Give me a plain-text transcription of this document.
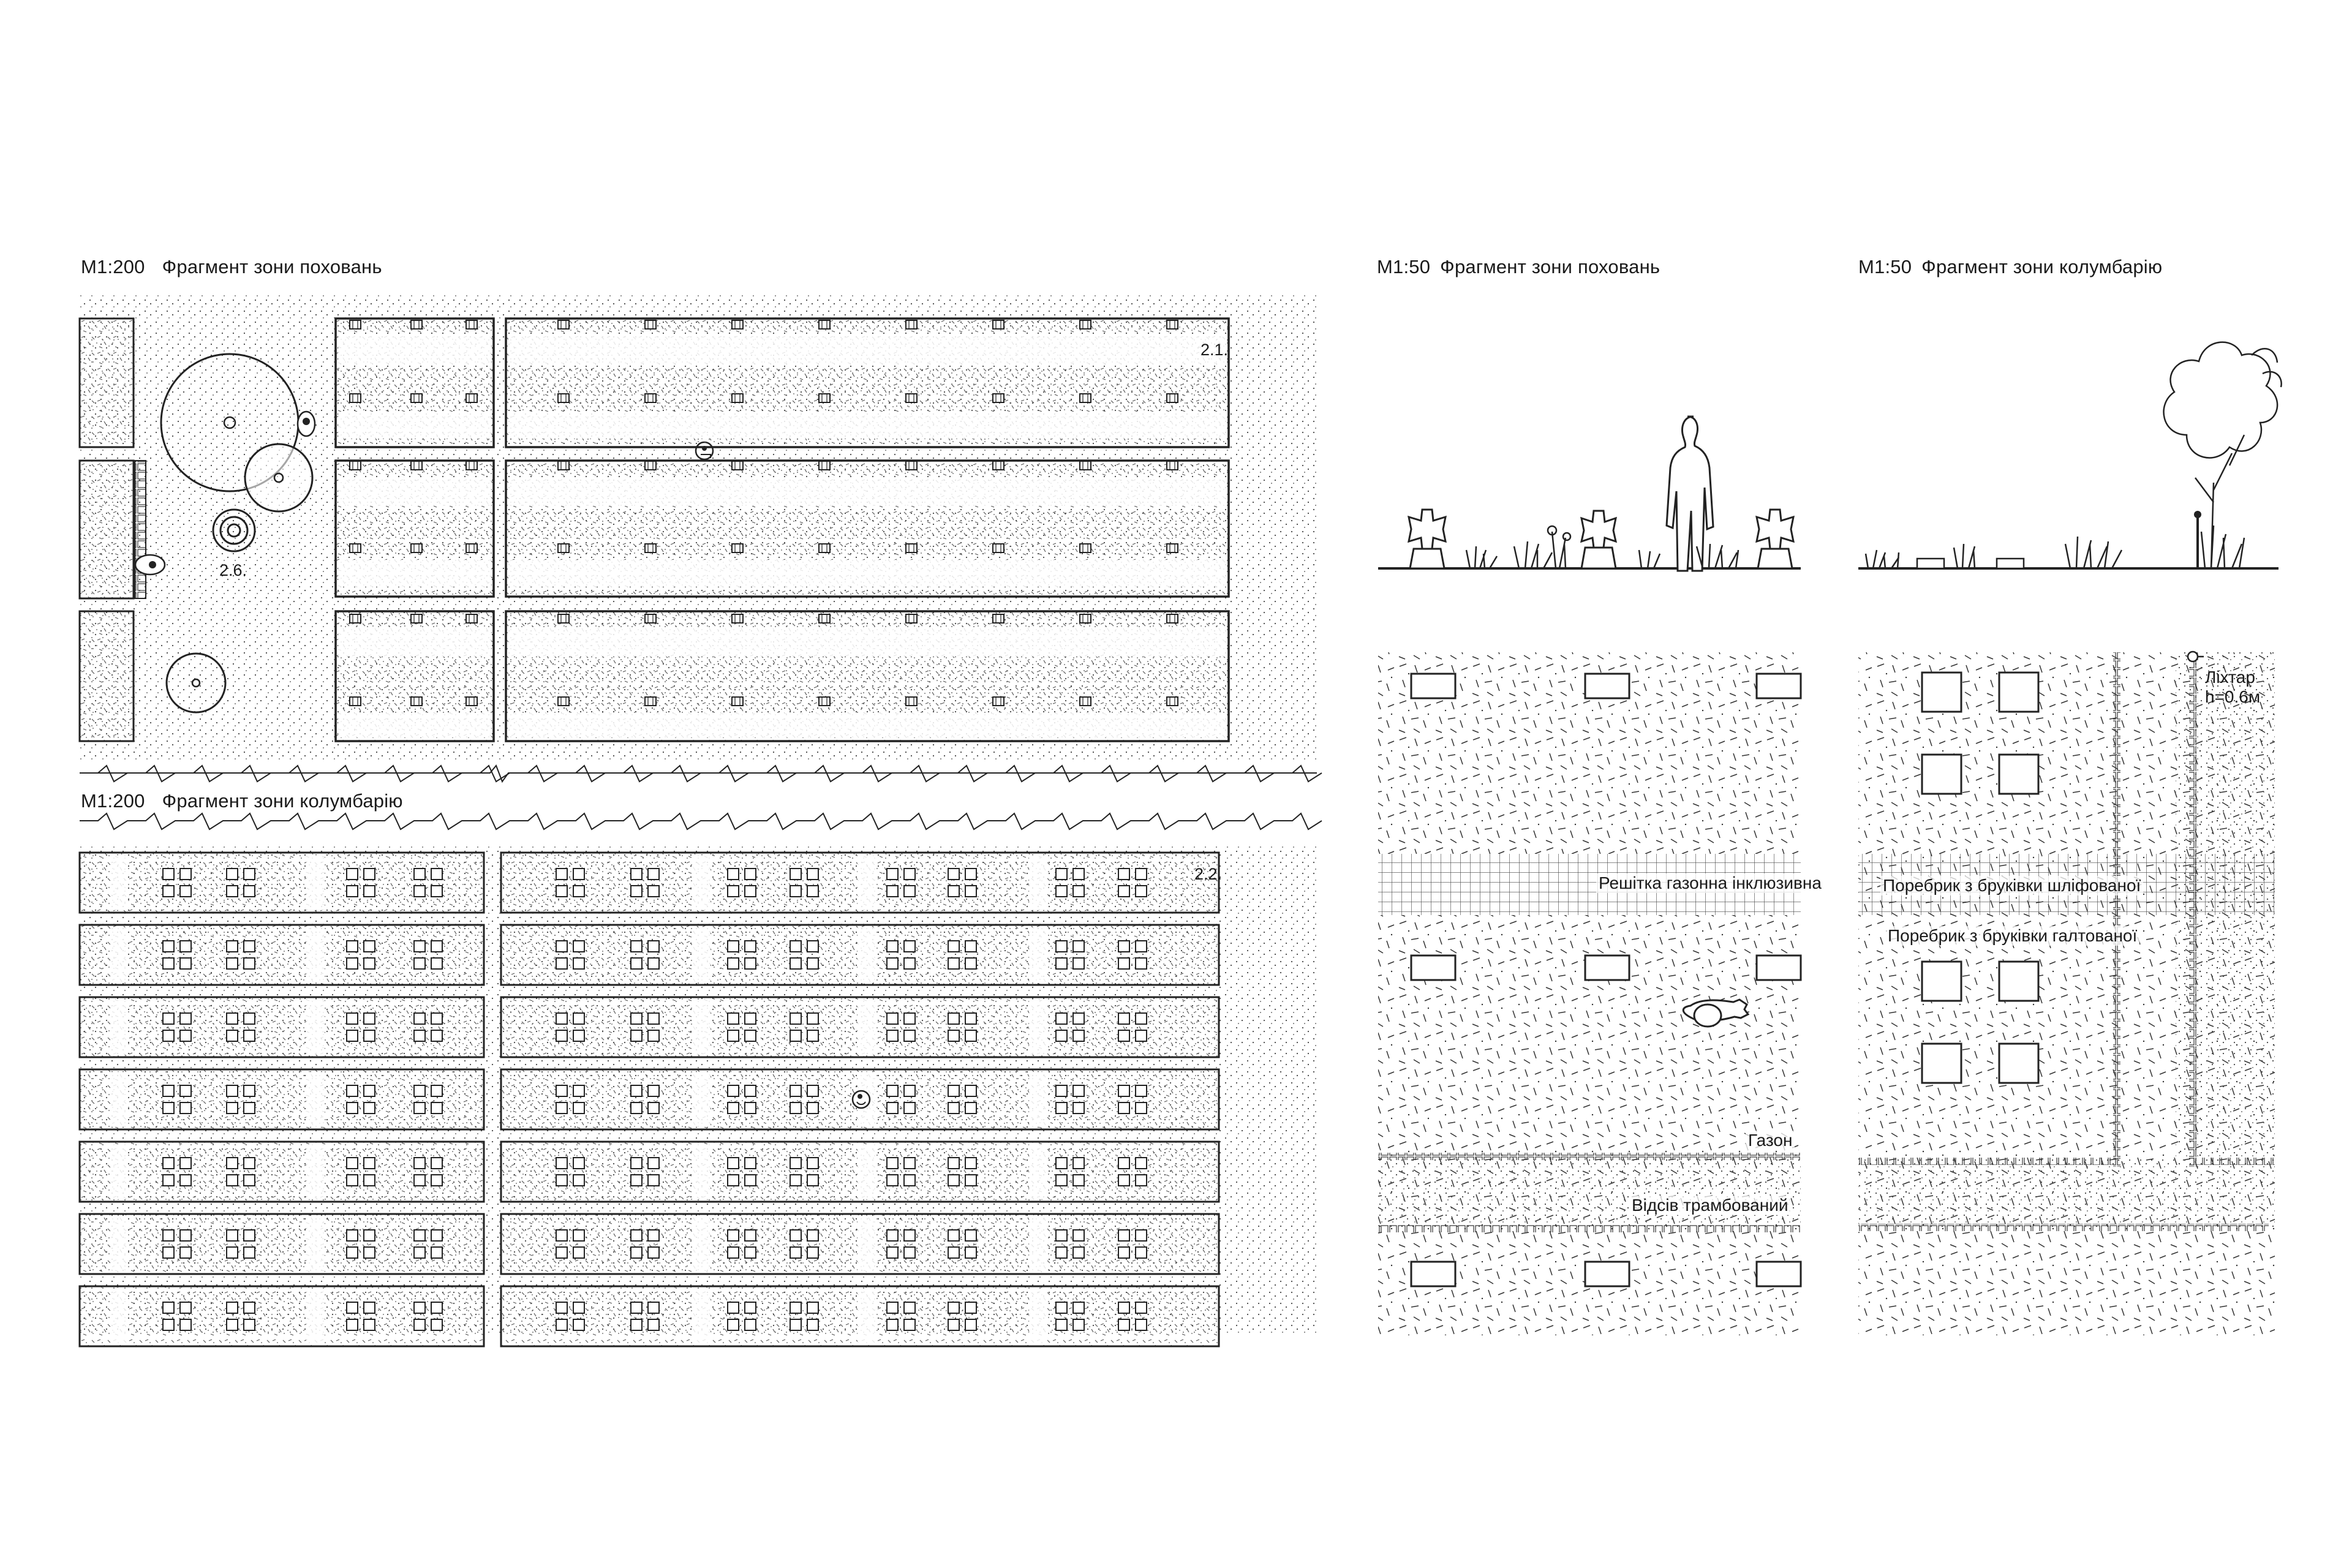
М1:200 Фрагмент зони поховань
М1:200 Фрагмент зони колумбарію
М1:50 Фрагмент зони поховань	М1:50 Фрагмент зони колумбарію
2.1.
2.6.
2.2.	Решітка газонна інклюзивна
Газон
Відсів трамбований
Ліхтар
h=0.6м
Поребрик з бруківки шліфованої
Поребрик з бруківки галтованої
